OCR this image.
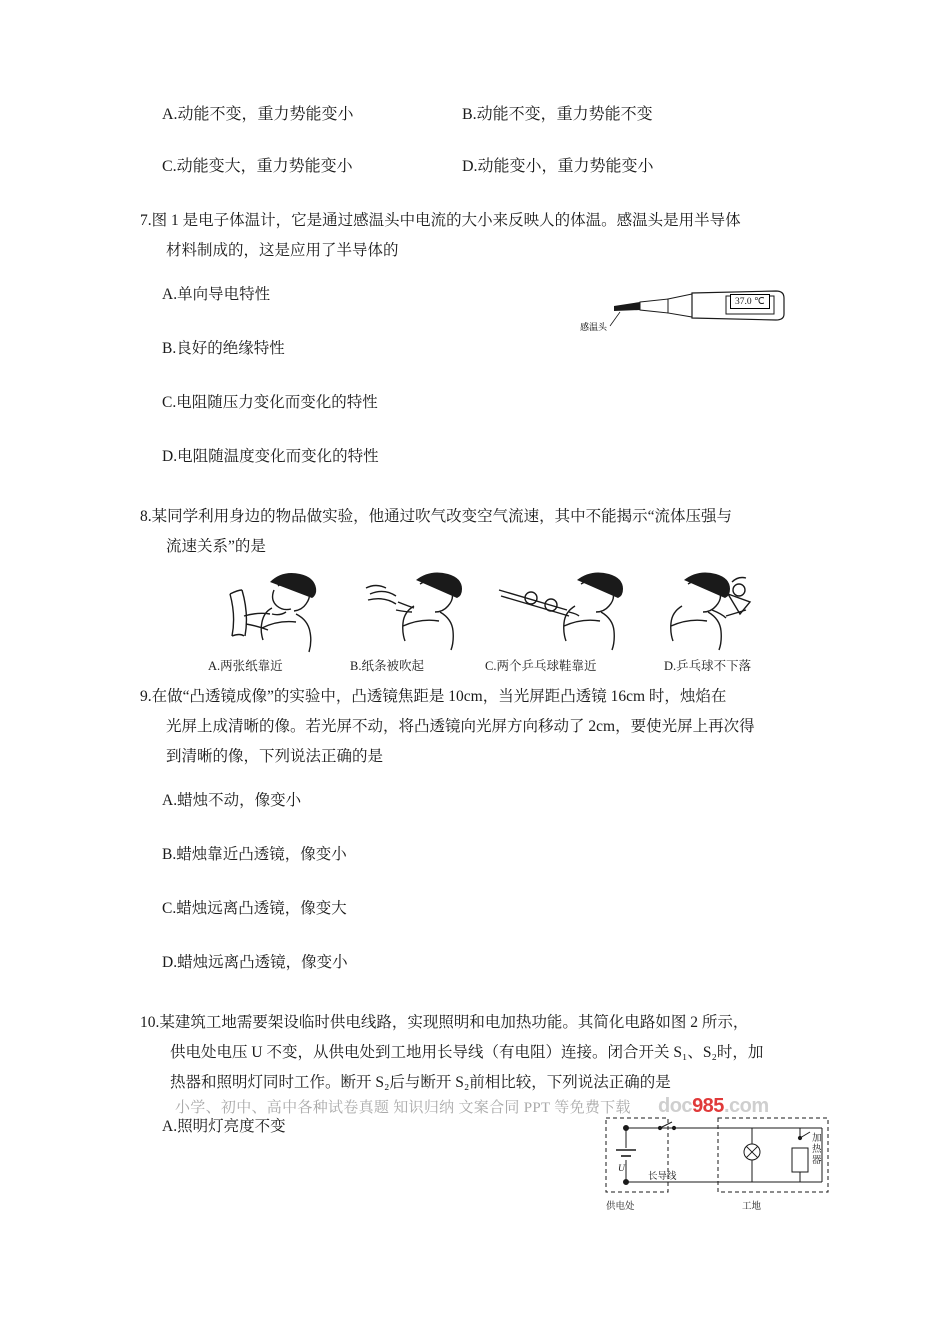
A.动能不变，重力势能变小	B.动能不变，重力势能不变
C.动能变大，重力势能变小	D.动能变小，重力势能变小
7.图 1 是电子体温计，它是通过感温头中电流的大小来反映人的体温。感温头是用半导体
材料制成的，这是应用了半导体的
A.单向导电特性
B.良好的绝缘特性
C.电阻随压力变化而变化的特性
D.电阻随温度变化而变化的特性
37.0 ℃
感温头
8.某同学利用身边的物品做实验，他通过吹气改变空气流速，其中不能揭示“流体压强与
流速关系”的是
A.两张纸靠近	B.纸条被吹起	C.两个乒乓球鞋靠近	D.乒乓球不下落
9.在做“凸透镜成像”的实验中，凸透镜焦距是 10cm，当光屏距凸透镜 16cm 时，烛焰在
光屏上成清晰的像。若光屏不动，将凸透镜向光屏方向移动了 2cm，要使光屏上再次得
到清晰的像，下列说法正确的是
A.蜡烛不动，像变小
B.蜡烛靠近凸透镜，像变小
C.蜡烛远离凸透镜，像变大
D.蜡烛远离凸透镜，像变小
10.某建筑工地需要架设临时供电线路，实现照明和电加热功能。其简化电路如图 2 所示，
供电处电压 U 不变，从供电处到工地用长导线（有电阻）连接。闭合开关 S₁、S₂时，加
热器和照明灯同时工作。断开 S₂后与断开 S₂前相比较，下列说法正确的是
A.照明灯亮度不变
U
长导线
加热器
供电处	工地
小学、初中、高中各种试卷真题 知识归纳 文案合同 PPT 等免费下载 doc985.com
